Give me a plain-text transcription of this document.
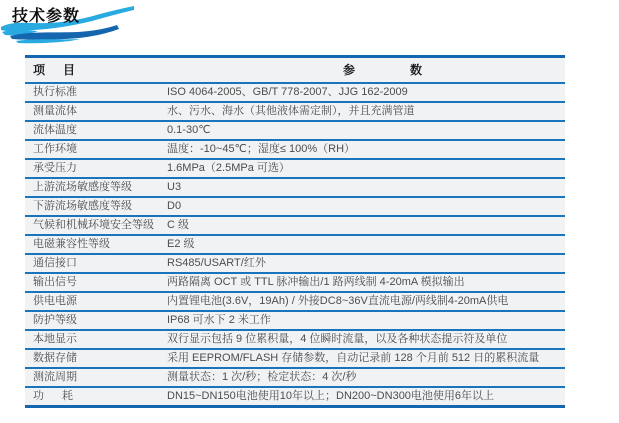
技术参数
项目	参数
执行标准	ISO 4064-2005、GB/T 778-2007、JJG 162-2009
测量流体	水、污水、海水（其他液体需定制），并且充满管道
流体温度	0.1-30℃
工作环境	温度：-10~45℃；湿度≤ 100%（RH）
承受压力	1.6MPa（2.5MPa 可选）
上游流场敏感度等级	U3
下游流场敏感度等级	D0
气候和机械环境安全等级	C 级
电磁兼容性等级	E2 级
通信接口	RS485/USART/红外
输出信号	两路隔离 OCT 或 TTL 脉冲输出/1 路两线制 4-20mA 模拟输出
供电电源	内置锂电池(3.6V，19Ah) / 外接DC8~36V直流电源/两线制4-20mA供电
防护等级	IP68 可水下 2 米工作
本地显示	双行显示包括 9 位累积量，4 位瞬时流量，以及各种状态提示符及单位
数据存储	采用 EEPROM/FLASH 存储参数，自动记录前 128 个月前 512 日的累积流量
测流周期	测量状态：1 次/秒；检定状态：4 次/秒
功耗	DN15~DN150电池使用10年以上；DN200~DN300电池使用6年以上
